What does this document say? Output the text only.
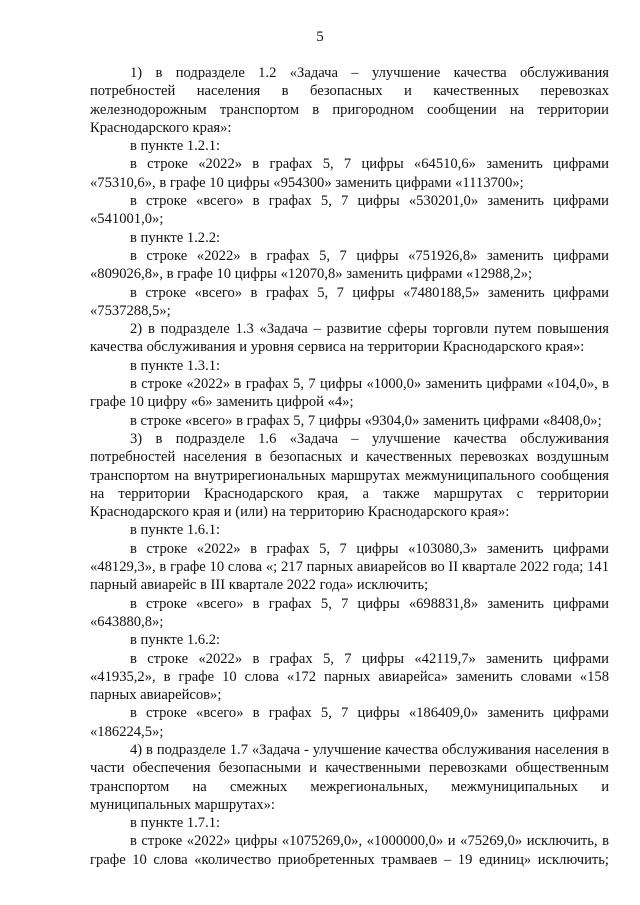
5

1) в подразделе 1.2 «Задача – улучшение качества обслуживания потребностей населения в безопасных и качественных перевозках железнодорожным транспортом в пригородном сообщении на территории Краснодарского края»:

в пункте 1.2.1:

в строке «2022» в графах 5, 7 цифры «64510,6» заменить цифрами «75310,6», в графе 10 цифры «954300» заменить цифрами «1113700»;

в строке «всего» в графах 5, 7 цифры «530201,0» заменить цифрами «541001,0»;

в пункте 1.2.2:

в строке «2022» в графах 5, 7 цифры «751926,8» заменить цифрами «809026,8», в графе 10 цифры «12070,8» заменить цифрами «12988,2»;

в строке «всего» в графах 5, 7 цифры «7480188,5» заменить цифрами «7537288,5»;

2) в подразделе 1.3 «Задача – развитие сферы торговли путем повышения качества обслуживания и уровня сервиса на территории Краснодарского края»:

в пункте 1.3.1:

в строке «2022» в графах 5, 7 цифры «1000,0» заменить цифрами «104,0», в графе 10 цифру «6» заменить цифрой «4»;

в строке «всего» в графах 5, 7 цифры «9304,0» заменить цифрами «8408,0»;

3) в подразделе 1.6 «Задача – улучшение качества обслуживания потребностей населения в безопасных и качественных перевозках воздушным транспортом на внутрирегиональных маршрутах межмуниципального сообщения на территории Краснодарского края, а также маршрутах с территории Краснодарского края и (или) на территорию Краснодарского края»:

в пункте 1.6.1:

в строке «2022» в графах 5, 7 цифры «103080,3» заменить цифрами «48129,3», в графе 10 слова «; 217 парных авиарейсов во II квартале 2022 года; 141 парный авиарейс в III квартале 2022 года» исключить;

в строке «всего» в графах 5, 7 цифры «698831,8» заменить цифрами «643880,8»;

в пункте 1.6.2:

в строке «2022» в графах 5, 7 цифры «42119,7» заменить цифрами «41935,2», в графе 10 слова «172 парных авиарейса» заменить словами «158 парных авиарейсов»;

в строке «всего» в графах 5, 7 цифры «186409,0» заменить цифрами «186224,5»;

4) в подразделе 1.7 «Задача - улучшение качества обслуживания населения в части обеспечения безопасными и качественными перевозками общественным транспортом на смежных межрегиональных, межмуниципальных и муниципальных маршрутах»:

в пункте 1.7.1:

в строке «2022» цифры «1075269,0», «1000000,0» и «75269,0» исключить, в графе 10 слова «количество приобретенных трамваев – 19 единиц» исключить;
